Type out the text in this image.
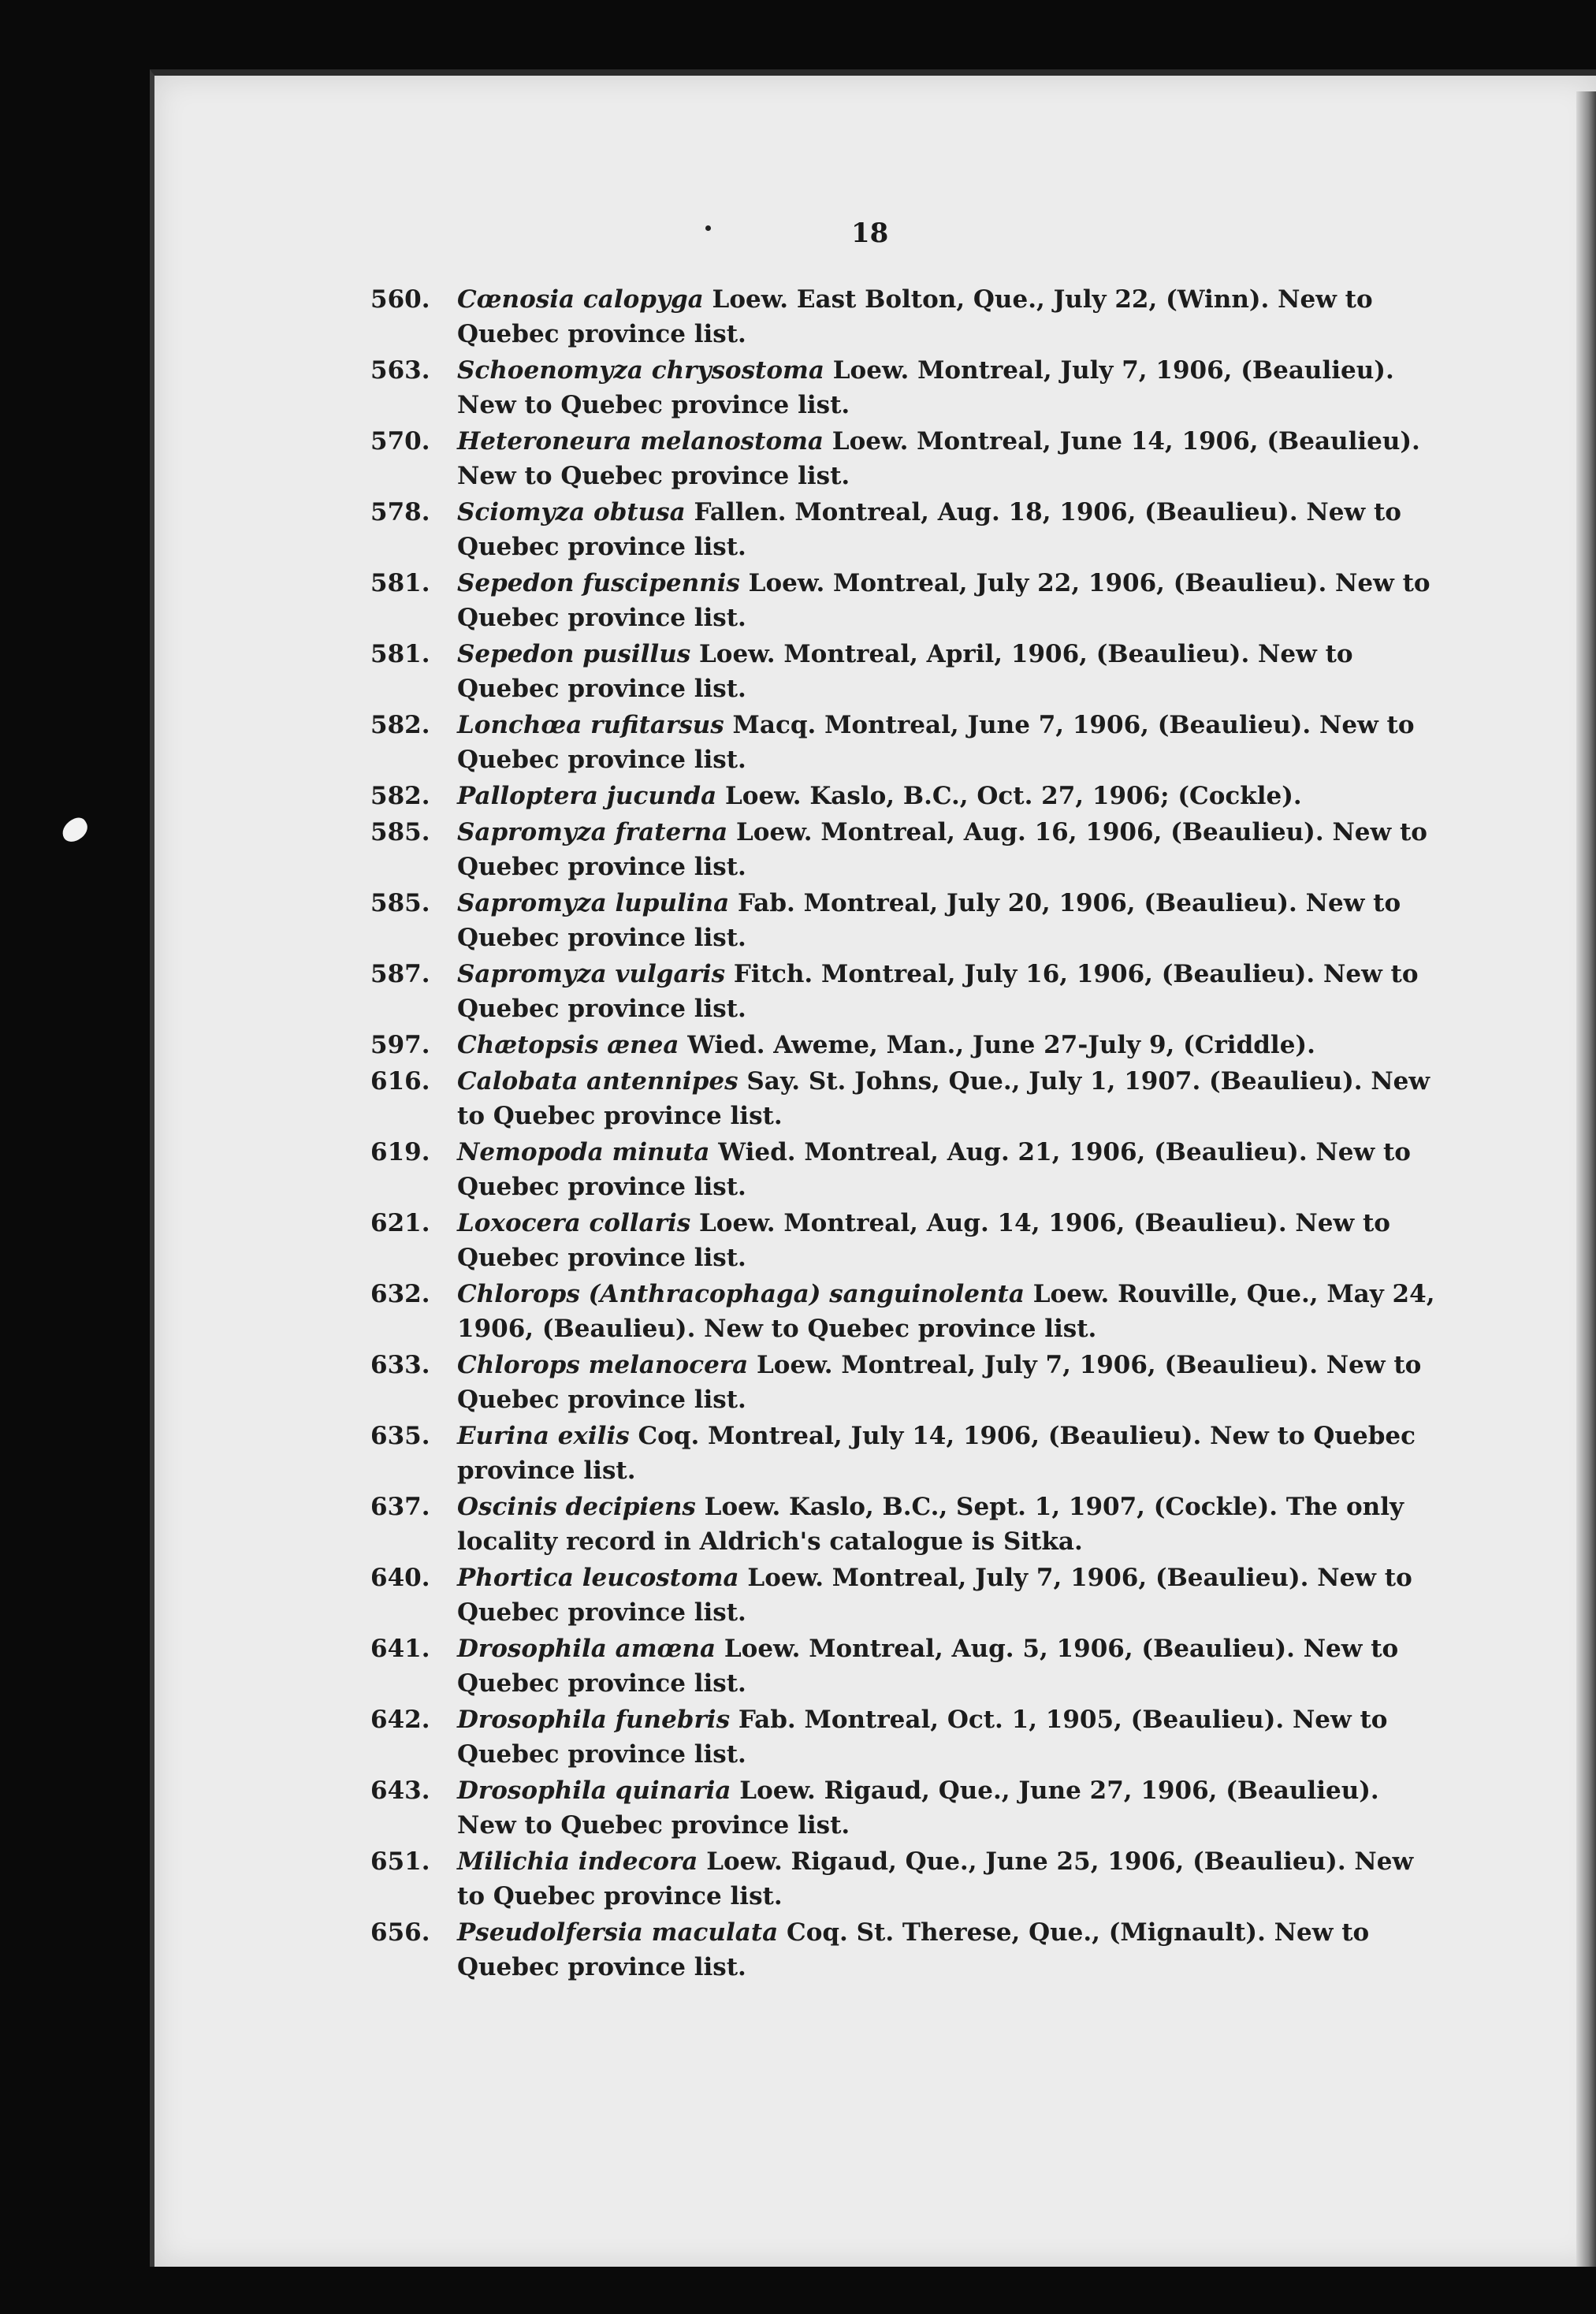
18
560.	Cœnosia calopyga Loew. East Bolton, Que., July 22, (Winn). New to Quebec province list.
563.	Schoenomyza chrysostoma Loew. Montreal, July 7, 1906, (Beaulieu). New to Quebec province list.
570.	Heteroneura melanostoma Loew. Montreal, June 14, 1906, (Beaulieu). New to Quebec province list.
578.	Sciomyza obtusa Fallen. Montreal, Aug. 18, 1906, (Beaulieu). New to Quebec province list.
581.	Sepedon fuscipennis Loew. Montreal, July 22, 1906, (Beaulieu). New to Quebec province list.
581.	Sepedon pusillus Loew. Montreal, April, 1906, (Beaulieu). New to Quebec province list.
582.	Lonchœa rufitarsus Macq. Montreal, June 7, 1906, (Beaulieu). New to Quebec province list.
582.	Palloptera jucunda Loew. Kaslo, B.C., Oct. 27, 1906; (Cockle).
585.	Sapromyza fraterna Loew. Montreal, Aug. 16, 1906, (Beaulieu). New to Quebec province list.
585.	Sapromyza lupulina Fab. Montreal, July 20, 1906, (Beaulieu). New to Quebec province list.
587.	Sapromyza vulgaris Fitch. Montreal, July 16, 1906, (Beaulieu). New to Quebec province list.
597.	Chætopsis ænea Wied. Aweme, Man., June 27-July 9, (Criddle).
616.	Calobata antennipes Say. St. Johns, Que., July 1, 1907. (Beaulieu). New to Quebec province list.
619.	Nemopoda minuta Wied. Montreal, Aug. 21, 1906, (Beaulieu). New to Quebec province list.
621.	Loxocera collaris Loew. Montreal, Aug. 14, 1906, (Beaulieu). New to Quebec province list.
632.	Chlorops (Anthracophaga) sanguinolenta Loew. Rouville, Que., May 24, 1906, (Beaulieu). New to Quebec province list.
633.	Chlorops melanocera Loew. Montreal, July 7, 1906, (Beaulieu). New to Quebec province list.
635.	Eurina exilis Coq. Montreal, July 14, 1906, (Beaulieu). New to Quebec province list.
637.	Oscinis decipiens Loew. Kaslo, B.C., Sept. 1, 1907, (Cockle). The only locality record in Aldrich's catalogue is Sitka.
640.	Phortica leucostoma Loew. Montreal, July 7, 1906, (Beaulieu). New to Quebec province list.
641.	Drosophila amœna Loew. Montreal, Aug. 5, 1906, (Beaulieu). New to Quebec province list.
642.	Drosophila funebris Fab. Montreal, Oct. 1, 1905, (Beaulieu). New to Quebec province list.
643.	Drosophila quinaria Loew. Rigaud, Que., June 27, 1906, (Beaulieu). New to Quebec province list.
651.	Milichia indecora Loew. Rigaud, Que., June 25, 1906, (Beaulieu). New to Quebec province list.
656.	Pseudolfersia maculata Coq. St. Therese, Que., (Mignault). New to Quebec province list.
